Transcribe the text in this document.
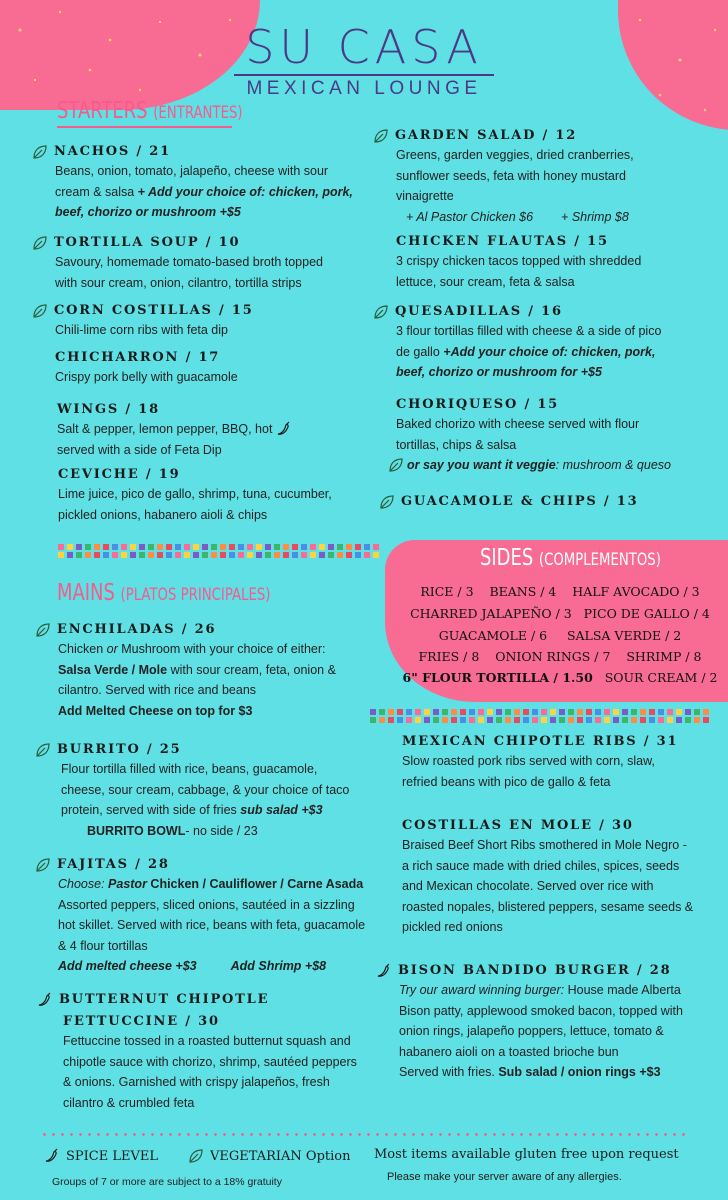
SU CASA
MEXICAN LOUNGE
STARTERS (ENTRANTES)
NACHOS / 21
Beans, onion, tomato, jalapeño, cheese with sour
cream & salsa + Add your choice of: chicken, pork,
beef, chorizo or mushroom +$5
TORTILLA SOUP / 10
Savoury, homemade tomato-based broth topped
with sour cream, onion, cilantro, tortilla strips
CORN COSTILLAS / 15
Chili-lime corn ribs with feta dip
CHICHARRON / 17
Crispy pork belly with guacamole
WINGS / 18
Salt & pepper, lemon pepper, BBQ, hot
served with a side of Feta Dip
CEVICHE / 19
Lime juice, pico de gallo, shrimp, tuna, cucumber,
pickled onions, habanero aioli & chips
GARDEN SALAD / 12
Greens, garden veggies, dried cranberries,
sunflower seeds, feta with honey mustard
vinaigrette
+ Al Pastor Chicken $6 + Shrimp $8
CHICKEN FLAUTAS / 15
3 crispy chicken tacos topped with shredded
lettuce, sour cream, feta & salsa
QUESADILLAS / 16
3 flour tortillas filled with cheese & a side of pico
de gallo +Add your choice of: chicken, pork,
beef, chorizo or mushroom for +$5
CHORIQUESO / 15
Baked chorizo with cheese served with flour
tortillas, chips & salsa
or say you want it veggie: mushroom & queso
GUACAMOLE & CHIPS / 13
SIDES (COMPLEMENTOS)
RICE / 3 BEANS / 4 HALF AVOCADO / 3
CHARRED JALAPEÑO / 3 PICO DE GALLO / 4
GUACAMOLE / 6 SALSA VERDE / 2
FRIES / 8 ONION RINGS / 7 SHRIMP / 8
6" FLOUR TORTILLA / 1.50 SOUR CREAM / 2
MAINS (PLATOS PRINCIPALES)
ENCHILADAS / 26
Chicken or Mushroom with your choice of either:
Salsa Verde / Mole with sour cream, feta, onion &
cilantro. Served with rice and beans
Add Melted Cheese on top for $3
BURRITO / 25
Flour tortilla filled with rice, beans, guacamole,
cheese, sour cream, cabbage, & your choice of taco
protein, served with side of fries sub salad +$3
BURRITO BOWL- no side / 23
FAJITAS / 28
Choose: Pastor Chicken / Cauliflower / Carne Asada
Assorted peppers, sliced onions, sautéed in a sizzling
hot skillet. Served with rice, beans with feta, guacamole
& 4 flour tortillas
Add melted cheese +$3	Add Shrimp +$8
BUTTERNUT CHIPOTLE
FETTUCCINE / 30
Fettuccine tossed in a roasted butternut squash and
chipotle sauce with chorizo, shrimp, sautéed peppers
& onions. Garnished with crispy jalapeños, fresh
cilantro & crumbled feta
MEXICAN CHIPOTLE RIBS / 31
Slow roasted pork ribs served with corn, slaw,
refried beans with pico de gallo & feta
COSTILLAS EN MOLE / 30
Braised Beef Short Ribs smothered in Mole Negro -
a rich sauce made with dried chiles, spices, seeds
and Mexican chocolate. Served over rice with
roasted nopales, blistered peppers, sesame seeds &
pickled red onions
BISON BANDIDO BURGER / 28
Try our award winning burger: House made Alberta
Bison patty, applewood smoked bacon, topped with
onion rings, jalapeño poppers, lettuce, tomato &
habanero aioli on a toasted brioche bun
Served with fries. Sub salad / onion rings +$3
SPICE LEVEL	VEGETARIAN Option
Groups of 7 or more are subject to a 18% gratuity
Most items available gluten free upon request
Please make your server aware of any allergies.
